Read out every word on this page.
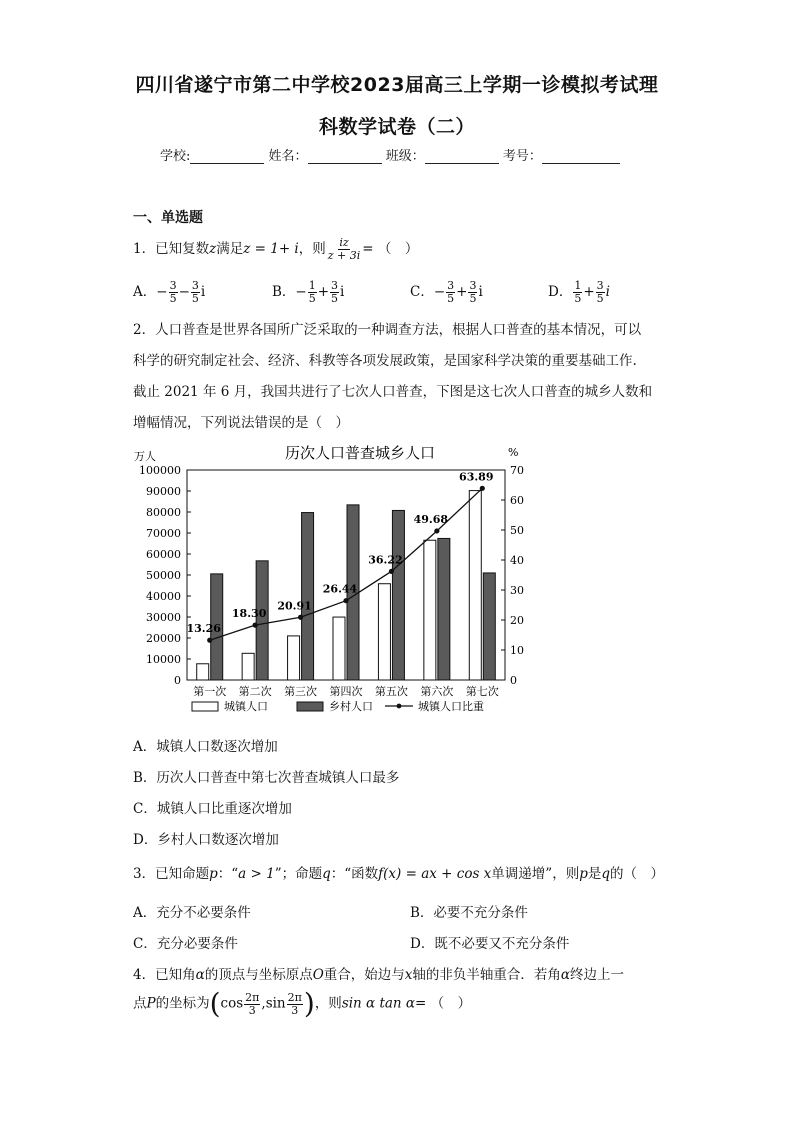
四川省遂宁市第二中学校2023届高三上学期一诊模拟考试理
科数学试卷（二）
学校:	姓名：	班级：	考号：
一、单选题
1．已知复数z满足z = 1+ i，则 $\frac{iz}{z + 3i}$ = （　）
A．− $\frac{3}{5} - \frac{3}{5}$ i	B．− $\frac{1}{5} + \frac{3}{5}$ i	C．− $\frac{3}{5} + \frac{3}{5}$ i	D． $\frac{1}{5} + \frac{3}{5}$ i
2．人口普查是世界各国所广泛采取的一种调查方法，根据人口普查的基本情况，可以
科学的研究制定社会、经济、科教等各项发展政策，是国家科学决策的重要基础工作.
截止 2021 年 6 月，我国共进行了七次人口普查，下图是这七次人口普查的城乡人数和
增幅情况，下列说法错误的是（　）
历次人口普查城乡人口
万人	%
0
10000
20000
30000
40000
50000
60000
70000
80000
90000
100000
0
10
20
30
40
50
60
70
13.26
18.30
20.91
26.44
36.22
49.68
63.89
第一次 第二次 第三次 第四次 第五次 第六次 第七次
城镇人口	乡村人口	城镇人口比重
A．城镇人口数逐次增加
B．历次人口普查中第七次普查城镇人口最多
C．城镇人口比重逐次增加
D．乡村人口数逐次增加
3．已知命题p：“a > 1”；命题q：“函数f(x) = ax + cos x单调递增”，则p是q的（　）
A．充分不必要条件	B．必要不充分条件
C．充分必要条件	D．既不必要又不充分条件
4．已知角α的顶点与坐标原点O重合，始边与x轴的非负半轴重合．若角α终边上一
点P的坐标为($\cos \frac{2\pi}{3} ,\sin \frac{2\pi}{3}$ )，则sin α tan α= （　）
